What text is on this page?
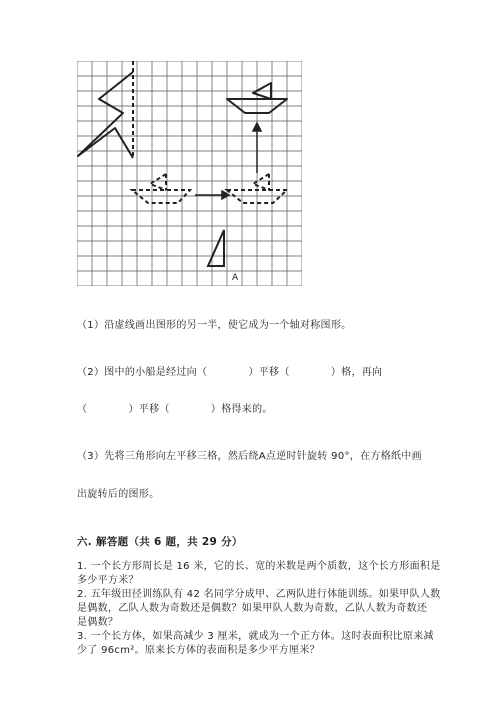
A
（1）沿虚线画出图形的另一半，使它成为一个轴对称图形。
（2）图中的小船是经过向（　　　　）平移（　　　　）格，再向
（　　　　）平移（　　　　）格得来的。
（3）先将三角形向左平移三格，然后绕A点逆时针旋转 90°，在方格纸中画
出旋转后的图形。
六. 解答题（共 6 题，共 29 分）
1. 一个长方形周长是 16 米，它的长、宽的米数是两个质数，这个长方形面积是
多少平方米？
2. 五年级田径训练队有 42 名同学分成甲、乙两队进行体能训练。如果甲队人数
是偶数，乙队人数为奇数还是偶数？如果甲队人数为奇数，乙队人数为奇数还
是偶数？
3. 一个长方体，如果高减少 3 厘米，就成为一个正方体。这时表面积比原来减
少了 96cm²。原来长方体的表面积是多少平方厘米？
